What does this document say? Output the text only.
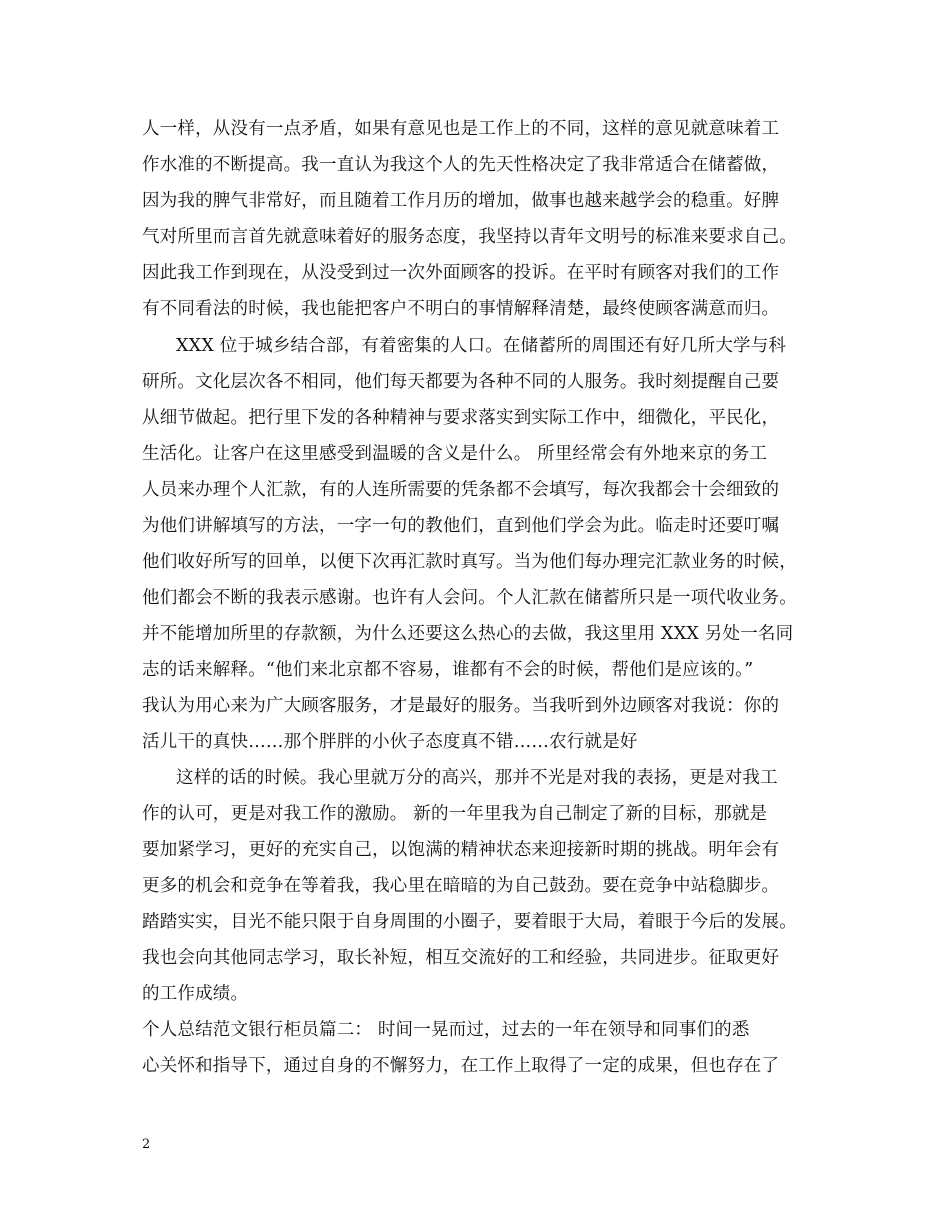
人一样，从没有一点矛盾，如果有意见也是工作上的不同，这样的意见就意味着工
作水准的不断提高。我一直认为我这个人的先天性格决定了我非常适合在储蓄做，
因为我的脾气非常好，而且随着工作月历的增加，做事也越来越学会的稳重。好脾
气对所里而言首先就意味着好的服务态度，我坚持以青年文明号的标准来要求自己。
因此我工作到现在，从没受到过一次外面顾客的投诉。在平时有顾客对我们的工作
有不同看法的时候，我也能把客户不明白的事情解释清楚，最终使顾客满意而归。
XXX 位于城乡结合部，有着密集的人口。在储蓄所的周围还有好几所大学与科
研所。文化层次各不相同，他们每天都要为各种不同的人服务。我时刻提醒自己要
从细节做起。把行里下发的各种精神与要求落实到实际工作中，细微化，平民化，
生活化。让客户在这里感受到温暖的含义是什么。 所里经常会有外地来京的务工
人员来办理个人汇款，有的人连所需要的凭条都不会填写，每次我都会十会细致的
为他们讲解填写的方法，一字一句的教他们，直到他们学会为此。临走时还要叮嘱
他们收好所写的回单，以便下次再汇款时真写。当为他们每办理完汇款业务的时候，
他们都会不断的我表示感谢。也许有人会问。个人汇款在储蓄所只是一项代收业务。
并不能增加所里的存款额，为什么还要这么热心的去做，我这里用 XXX 另处一名同
志的话来解释。“他们来北京都不容易，谁都有不会的时候，帮他们是应该的。”
我认为用心来为广大顾客服务，才是最好的服务。当我听到外边顾客对我说：你的
活儿干的真快……那个胖胖的小伙子态度真不错……农行就是好
这样的话的时候。我心里就万分的高兴，那并不光是对我的表扬，更是对我工
作的认可，更是对我工作的激励。 新的一年里我为自己制定了新的目标，那就是
要加紧学习，更好的充实自己，以饱满的精神状态来迎接新时期的挑战。明年会有
更多的机会和竞争在等着我，我心里在暗暗的为自己鼓劲。要在竞争中站稳脚步。
踏踏实实，目光不能只限于自身周围的小圈子，要着眼于大局，着眼于今后的发展。
我也会向其他同志学习，取长补短，相互交流好的工和经验，共同进步。征取更好
的工作成绩。
个人总结范文银行柜员篇二： 时间一晃而过，过去的一年在领导和同事们的悉
心关怀和指导下，通过自身的不懈努力，在工作上取得了一定的成果，但也存在了
2
